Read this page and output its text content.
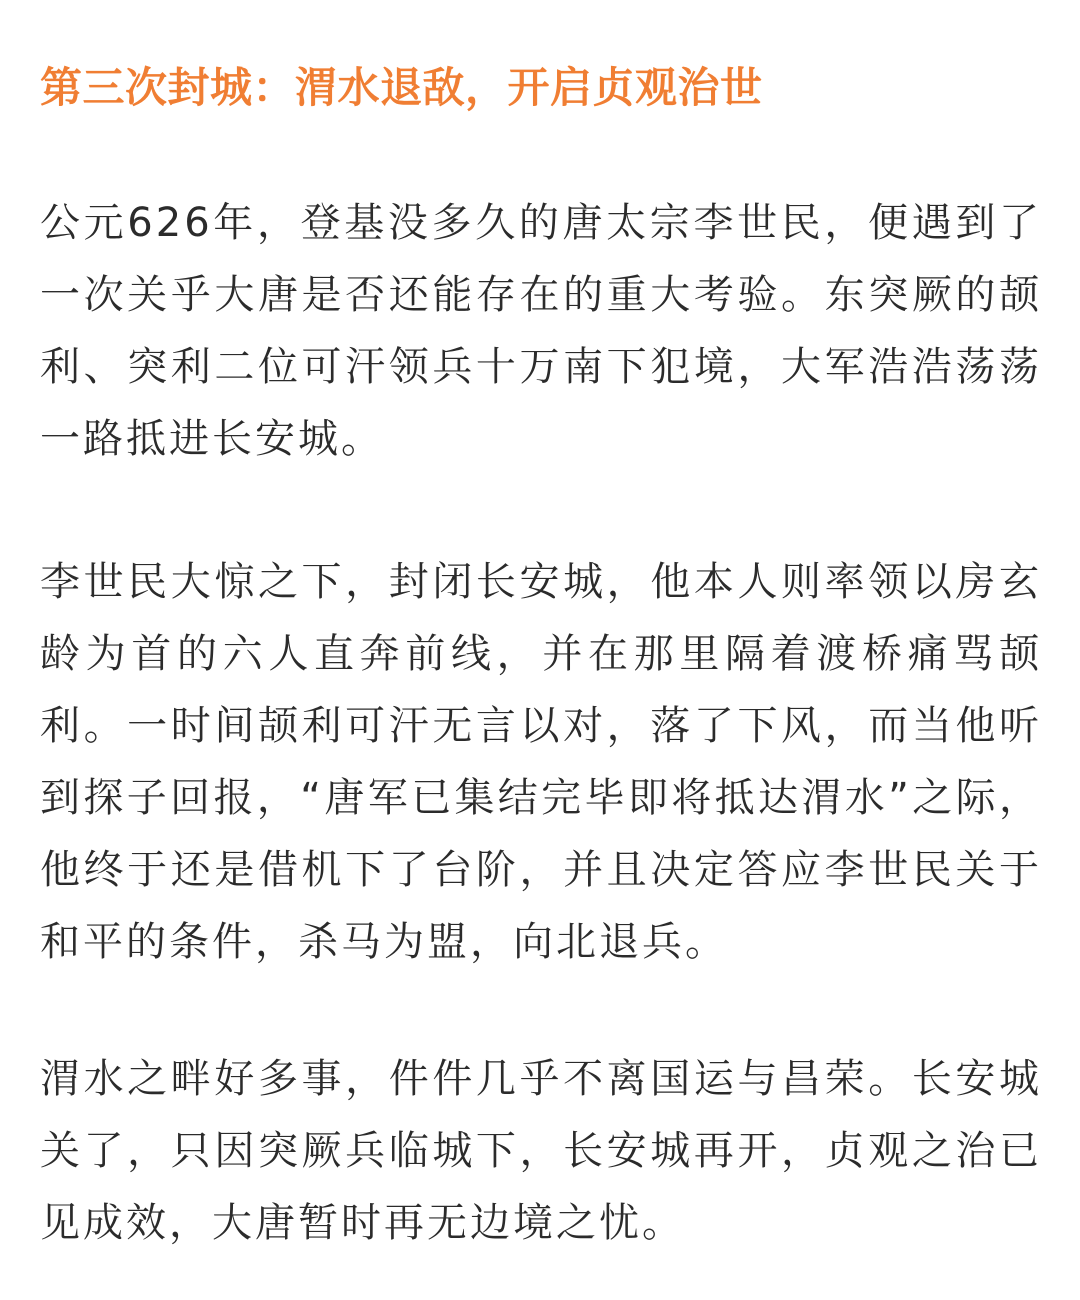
第三次封城：渭水退敌，开启贞观治世

公元626年，登基没多久的唐太宗李世民，便遇到了一次关乎大唐是否还能存在的重大考验。东突厥的颉利、突利二位可汗领兵十万南下犯境，大军浩浩荡荡一路抵进长安城。

李世民大惊之下，封闭长安城，他本人则率领以房玄龄为首的六人直奔前线，并在那里隔着渡桥痛骂颉利。一时间颉利可汗无言以对，落了下风，而当他听到探子回报，“唐军已集结完毕即将抵达渭水”之际，他终于还是借机下了台阶，并且决定答应李世民关于和平的条件，杀马为盟，向北退兵。

渭水之畔好多事，件件几乎不离国运与昌荣。长安城关了，只因突厥兵临城下，长安城再开，贞观之治已见成效，大唐暂时再无边境之忧。
